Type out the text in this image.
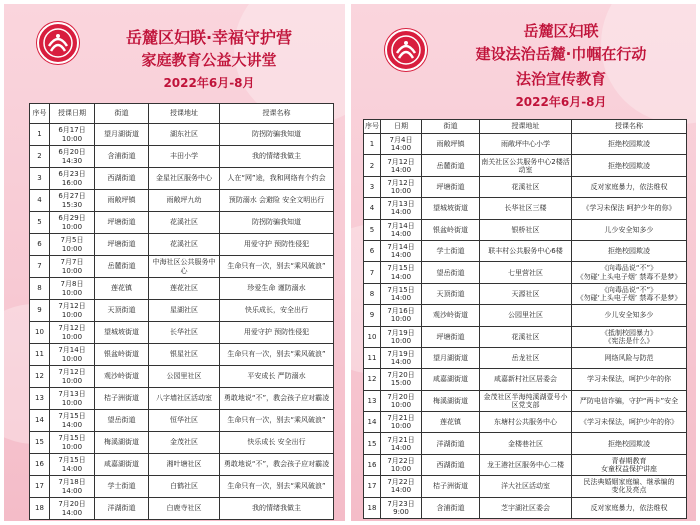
岳麓区妇联·幸福守护营
家庭教育公益大讲堂
2022年6月-8月
序号	授课日期	街道	授课地址	授课名称
1	6月17日
10:00	望月湖街道	湖东社区	防拐防骗我知道
2	6月20日
14:30	含浦街道	丰田小学	我的情绪我做主
3	6月23日
16:00	西湖街道	金星社区服务中心	人在“网”途，我和网络有个约会
4	6月27日
15:30	雨敞坪镇	雨敞坪九幼	预防溺水 会避险 安全文明出行
5	6月29日
10:00	坪塘街道	花溪社区	防拐防骗我知道
6	7月5日
10:00	坪塘街道	花溪社区	用爱守护 预防性侵犯
7	7月7日
10:00	岳麓街道	中海社区公共服务中心	生命只有一次，别去“乘风破浪”
8	7月8日
10:00	莲花镇	莲花社区	珍爱生命 谨防溺水
9	7月12日
10:00	天顶街道	星湖社区	快乐成长，安全出行
10	7月12日
10:00	望城坡街道	长华社区	用爱守护 预防性侵犯
11	7月14日
10:00	银盆岭街道	银星社区	生命只有一次，别去“乘风破浪”
12	7月12日
10:00	观沙岭街道	公园里社区	平安成长 严防溺水
13	7月13日
10:00	桔子洲街道	八字墙社区活动室	勇敢地说“不”，教会孩子应对霸凌
14	7月15日
14:00	望岳街道	恒华社区	生命只有一次，别去“乘风破浪”
15	7月15日
10:00	梅溪湖街道	金茂社区	快乐成长 安全出行
16	7月15日
14:00	咸嘉湖街道	湘叶塘社区	勇敢地说“不”，教会孩子应对霸凌
17	7月18日
14:00	学士街道	白鹤社区	生命只有一次，别去“乘风破浪”
18	7月20日
14:00	洋湖街道	白鹿寺社区	我的情绪我做主
岳麓区妇联
建设法治岳麓·巾帼在行动
法治宣传教育
2022年6月-8月
序号	日期	街道	授课地址	授课名称
1	7月4日
14:00	雨敞坪镇	雨敞坪中心小学	拒绝校园欺凌
2	7月12日
14:00	岳麓街道	南关社区公共服务中心2楼活动室	拒绝校园欺凌
3	7月12日
10:00	坪塘街道	花溪社区	反对家庭暴力，依法维权
4	7月13日
14:00	望城坡街道	长华社区三楼	《学习未保法 呵护少年的你》
5	7月14日
14:00	银盆岭街道	银桥社区	儿少安全知多少
6	7月14日
14:00	学士街道	联丰村公共服务中心6楼	拒绝校园欺凌
7	7月15日
14:00	望岳街道	七里营社区	《向毒品说“不”》
《勿碰‘上头电子烟’ 禁毒不是梦》
8	7月15日
14:00	天顶街道	天源社区	《向毒品说“不”》
《勿碰‘上头电子烟’ 禁毒不是梦》
9	7月16日
10:00	观沙岭街道	公园里社区	少儿安全知多少
10	7月19日
10:00	坪塘街道	花溪社区	《抵制校园暴力》
《宪法是什么》
11	7月19日
14:00	望月湖街道	岳龙社区	网络风险与防范
12	7月20日
15:00	咸嘉湖街道	咸嘉新村社区居委会	学习未保法，呵护少年的你
13	7月20日
10:00	梅溪湖街道	金茂社区半海纯溪湖壹号小区党支部	严防电信诈骗，守护“两卡”安全
14	7月21日
10:00	莲花镇	东塘村公共服务中心	《学习未保法，呵护少年的你》
15	7月21日
14:00	洋湖街道	金楼巷社区	拒绝校园欺凌
16	7月22日
10:00	西湖街道	龙王港社区服务中心二楼	青春期教育
女童权益保护讲座
17	7月22日
14:00	桔子洲街道	洋大社区活动室	民法典婚姻家庭编、继承编的
变化及亮点
18	7月23日
9:00	含浦街道	芝宇湖社区委会	反对家庭暴力，依法维权
